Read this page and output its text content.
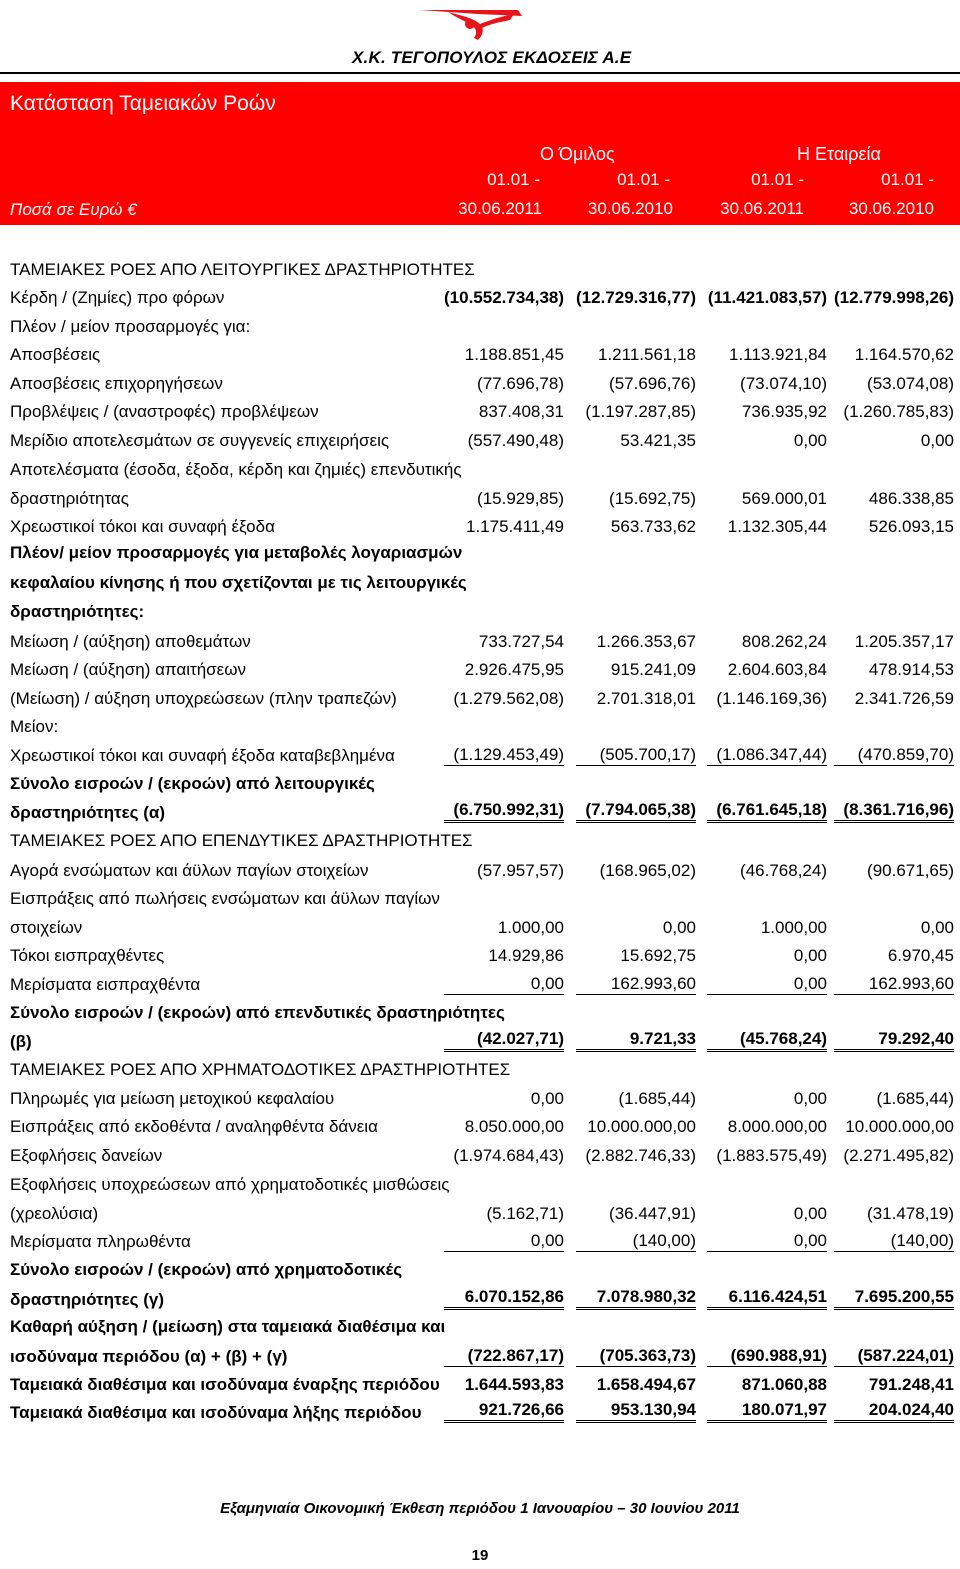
Χ.Κ. ΤΕΓΟΠΟΥΛΟΣ ΕΚΔΟΣΕΙΣ Α.Ε
Κατάσταση Ταμειακών Ροών
Ο Όμιλος	Η Εταιρεία
01.01 -	01.01 -	01.01 -	01.01 -
Ποσά σε Ευρώ €	30.06.2011	30.06.2010	30.06.2011	30.06.2010
ΤΑΜΕΙΑΚΕΣ ΡΟΕΣ ΑΠΟ ΛΕΙΤΟΥΡΓΙΚΕΣ ΔΡΑΣΤΗΡΙΟΤΗΤΕΣ
Κέρδη / (Ζημίες) προ φόρων	(10.552.734,38) (12.729.316,77) (11.421.083,57) (12.779.998,26)
Πλέον / μείον προσαρμογές για:
Αποσβέσεις	1.188.851,45	1.211.561,18	1.113.921,84	1.164.570,62
Αποσβέσεις επιχορηγήσεων	(77.696,78)	(57.696,76)	(73.074,10)	(53.074,08)
Προβλέψεις / (αναστροφές) προβλέψεων	837.408,31	(1.197.287,85)	736.935,92 (1.260.785,83)
Μερίδιο αποτελεσμάτων σε συγγενείς επιχειρήσεις	(557.490,48)	53.421,35	0,00	0,00
Αποτελέσματα (έσοδα, έξοδα, κέρδη και ζημιές) επενδυτικής
δραστηριότητας	(15.929,85)	(15.692,75)	569.000,01	486.338,85
Χρεωστικοί τόκοι και συναφή έξοδα	1.175.411,49	563.733,62	1.132.305,44	526.093,15
Πλέον/ μείον προσαρμογές για μεταβολές λογαριασμών
κεφαλαίου κίνησης ή που σχετίζονται με τις λειτουργικές
δραστηριότητες:
Μείωση / (αύξηση) αποθεμάτων	733.727,54	1.266.353,67	808.262,24	1.205.357,17
Μείωση / (αύξηση) απαιτήσεων	2.926.475,95	915.241,09	2.604.603,84	478.914,53
(Μείωση) / αύξηση υποχρεώσεων (πλην τραπεζών)	(1.279.562,08)	2.701.318,01	(1.146.169,36)	2.341.726,59
Μείον:
Χρεωστικοί τόκοι και συναφή έξοδα καταβεβλημένα	(1.129.453,49)	(505.700,17)	(1.086.347,44)	(470.859,70)
Σύνολο εισροών / (εκροών) από λειτουργικές
δραστηριότητες (α)	(6.750.992,31)	(7.794.065,38)	(6.761.645,18) (8.361.716,96)
ΤΑΜΕΙΑΚΕΣ ΡΟΕΣ ΑΠΟ ΕΠΕΝΔΥΤΙΚΕΣ ΔΡΑΣΤΗΡΙΟΤΗΤΕΣ
Αγορά ενσώματων και άϋλων παγίων στοιχείων	(57.957,57)	(168.965,02)	(46.768,24)	(90.671,65)
Εισπράξεις από πωλήσεις ενσώματων και άϋλων παγίων
στοιχείων	1.000,00	0,00	1.000,00	0,00
Τόκοι εισπραχθέντες	14.929,86	15.692,75	0,00	6.970,45
Μερίσματα εισπραχθέντα	0,00	162.993,60	0,00	162.993,60
Σύνολο εισροών / (εκροών) από επενδυτικές δραστηριότητες
(β)	(42.027,71)	9.721,33	(45.768,24)	79.292,40
ΤΑΜΕΙΑΚΕΣ ΡΟΕΣ ΑΠΟ ΧΡΗΜΑΤΟΔΟΤΙΚΕΣ ΔΡΑΣΤΗΡΙΟΤΗΤΕΣ
Πληρωμές για μείωση μετοχικού κεφαλαίου	0,00	(1.685,44)	0,00	(1.685,44)
Εισπράξεις από εκδοθέντα / αναληφθέντα δάνεια	8.050.000,00	10.000.000,00	8.000.000,00	10.000.000,00
Εξοφλήσεις δανείων	(1.974.684,43)	(2.882.746,33)	(1.883.575,49) (2.271.495,82)
Εξοφλήσεις υποχρεώσεων από χρηματοδοτικές μισθώσεις
(χρεολύσια)	(5.162,71)	(36.447,91)	0,00	(31.478,19)
Μερίσματα πληρωθέντα	0,00	(140,00)	0,00	(140,00)
Σύνολο εισροών / (εκροών) από χρηματοδοτικές
δραστηριότητες (γ)	6.070.152,86	7.078.980,32	6.116.424,51	7.695.200,55
Καθαρή αύξηση / (μείωση) στα ταμειακά διαθέσιμα και
ισοδύναμα περιόδου (α) + (β) + (γ)	(722.867,17)	(705.363,73)	(690.988,91)	(587.224,01)
Ταμειακά διαθέσιμα και ισοδύναμα έναρξης περιόδου	1.644.593,83	1.658.494,67	871.060,88	791.248,41
Ταμειακά διαθέσιμα και ισοδύναμα λήξης περιόδου	921.726,66	953.130,94	180.071,97	204.024,40
Εξαμηνιαία Οικονομική Έκθεση περιόδου 1 Ιανουαρίου – 30 Ιουνίου 2011
19
